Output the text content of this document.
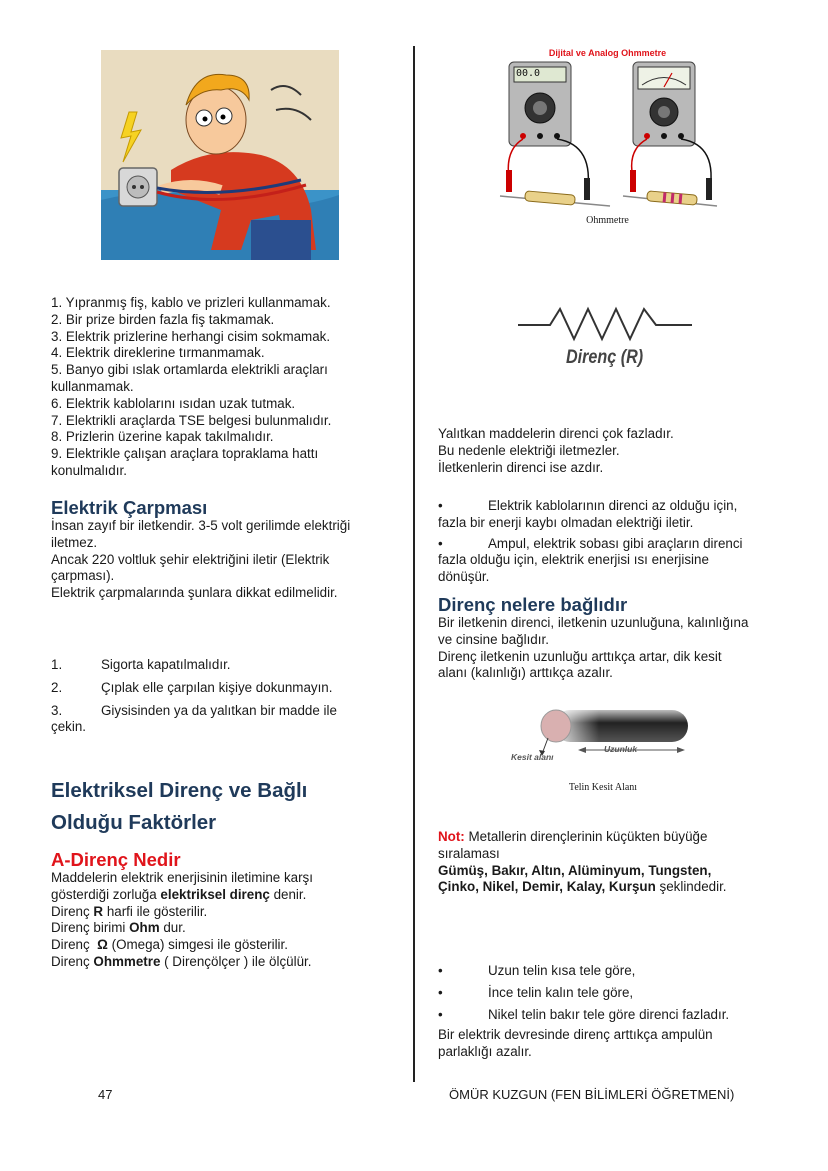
1. Yıpranmış fiş, kablo ve prizleri kullanmamak.

2. Bir prize birden fazla fiş takmamak.

3. Elektrik prizlerine herhangi cisim sokmamak.

4. Elektrik direklerine tırmanmamak.

5. Banyo gibi ıslak ortamlarda elektrikli araçları

kullanmamak.

6. Elektrik kablolarını ısıdan uzak tutmak.

7. Elektrikli araçlarda TSE belgesi bulunmalıdır.

8. Prizlerin üzerine kapak takılmalıdır.

9. Elektrikle çalışan araçlara topraklama hattı

konulmalıdır.

Elektrik Çarpması

İnsan zayıf bir iletkendir. 3-5 volt gerilimde elektriği

iletmez.

Ancak 220 voltluk şehir elektriğini iletir (Elektrik

çarpması).

Elektrik çarpmalarında şunlara dikkat edilmelidir.

1.	Sigorta kapatılmalıdır.
2.	Çıplak elle çarpılan kişiye dokunmayın.
3.	Giysisinden ya da yalıtkan bir madde ile

çekin.

Elektriksel Direnç ve Bağlı

Olduğu Faktörler

A-Direnç Nedir

Maddelerin elektrik enerjisinin iletimine karşı

gösterdiği zorluğa elektriksel direnç denir.

Direnç R harfi ile gösterilir.

Direnç birimi Ohm dur.

Direnç  Ω (Omega) simgesi ile gösterilir.

Direnç Ohmmetre ( Dirençölçer ) ile ölçülür.

Dijital ve Analog Ohmmetre
00.0
Ohmmetre
Direnç (R)

Yalıtkan maddelerin direnci çok fazladır.

Bu nedenle elektriği iletmezler.

İletkenlerin direnci ise azdır.

•	Elektrik kablolarının direnci az olduğu için,

fazla bir enerji kaybı olmadan elektriği iletir.

•	Ampul, elektrik sobası gibi araçların direnci

fazla olduğu için, elektrik enerjisi ısı enerjisine

dönüşür.

Direnç nelere bağlıdır

Bir iletkenin direnci, iletkenin uzunluğuna, kalınlığına

ve cinsine bağlıdır.

Direnç iletkenin uzunluğu arttıkça artar, dik kesit

alanı (kalınlığı) arttıkça azalır.

Uzunluk
Kesit alanı
Telin Kesit Alanı

Not: Metallerin dirençlerinin küçükten büyüğe

sıralaması

Gümüş, Bakır, Altın, Alüminyum, Tungsten,

Çinko, Nikel, Demir, Kalay, Kurşun şeklindedir.

•	Uzun telin kısa tele göre,
•	İnce telin kalın tele göre,
•	Nikel telin bakır tele göre direnci fazladır.

Bir elektrik devresinde direnç arttıkça ampulün

parlaklığı azalır.

47	ÖMÜR KUZGUN (FEN BİLİMLERİ ÖĞRETMENİ)
